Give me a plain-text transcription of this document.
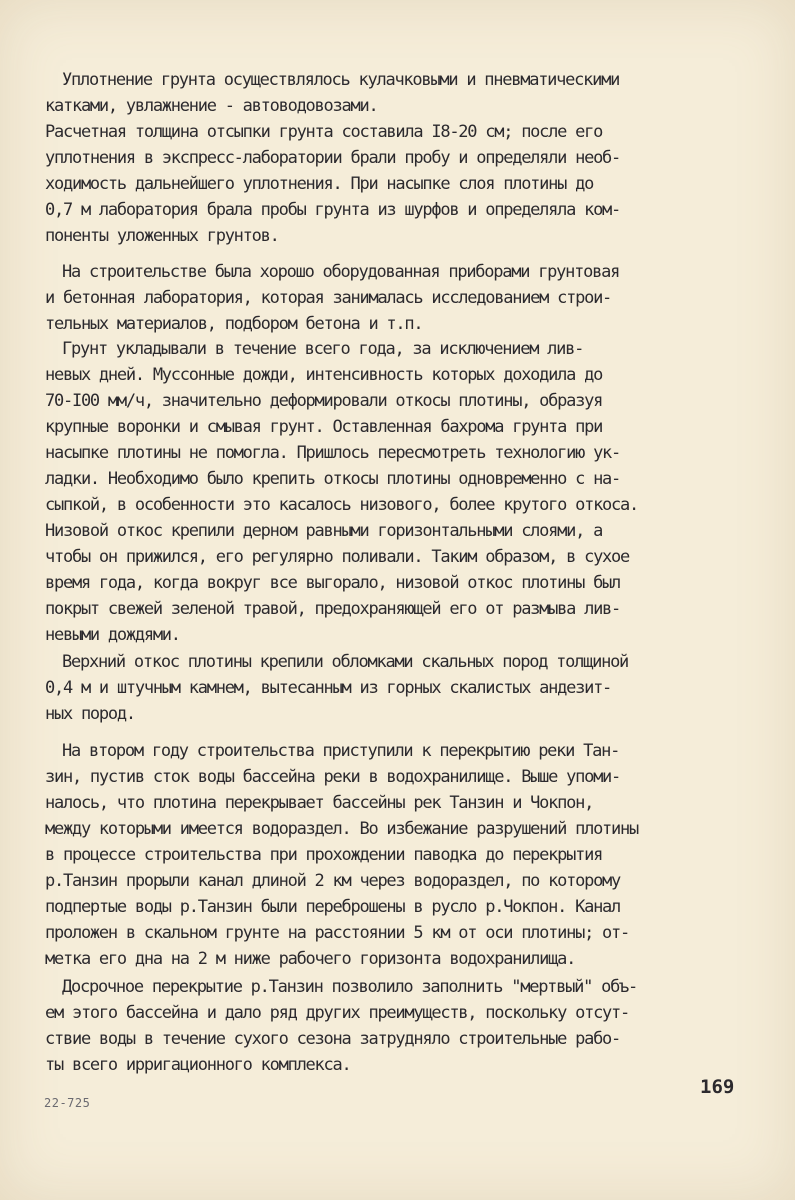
Уплотнение грунта осуществлялось кулачковыми и пневматическими
катками, увлажнение - автоводовозами.
Расчетная толщина отсыпки грунта составила I8-20 см; после его
уплотнения в экспресс-лаборатории брали пробу и определяли необ-
ходимость дальнейшего уплотнения. При насыпке слоя плотины до
0,7 м лаборатория брала пробы грунта из шурфов и определяла ком-
поненты уложенных грунтов.
На строительстве была хорошо оборудованная приборами грунтовая
и бетонная лаборатория, которая занималась исследованием строи-
тельных материалов, подбором бетона и т.п.
Грунт укладывали в течение всего года, за исключением лив-
невых дней. Муссонные дожди, интенсивность которых доходила до
70-I00 мм/ч, значительно деформировали откосы плотины, образуя
крупные воронки и смывая грунт. Оставленная бахрома грунта при
насыпке плотины не помогла. Пришлось пересмотреть технологию ук-
ладки. Необходимо было крепить откосы плотины одновременно с на-
сыпкой, в особенности это касалось низового, более крутого откоса.
Низовой откос крепили дерном равными горизонтальными слоями, а
чтобы он прижился, его регулярно поливали. Таким образом, в сухое
время года, когда вокруг все выгорало, низовой откос плотины был
покрыт свежей зеленой травой, предохраняющей его от размыва лив-
невыми дождями.
Верхний откос плотины крепили обломками скальных пород толщиной
0,4 м и штучным камнем, вытесанным из горных скалистых андезит-
ных пород.
На втором году строительства приступили к перекрытию реки Тан-
зин, пустив сток воды бассейна реки в водохранилище. Выше упоми-
налось, что плотина перекрывает бассейны рек Танзин и Чокпон,
между которыми имеется водораздел. Во избежание разрушений плотины
в процессе строительства при прохождении паводка до перекрытия
р.Танзин прорыли канал длиной 2 км через водораздел, по которому
подпертые воды р.Танзин были переброшены в русло р.Чокпон. Канал
проложен в скальном грунте на расстоянии 5 км от оси плотины; от-
метка его дна на 2 м ниже рабочего горизонта водохранилища.
Досрочное перекрытие р.Танзин позволило заполнить "мертвый" объ-
ем этого бассейна и дало ряд других преимуществ, поскольку отсут-
ствие воды в течение сухого сезона затрудняло строительные рабо-
ты всего ирригационного комплекса.
169
22-725
